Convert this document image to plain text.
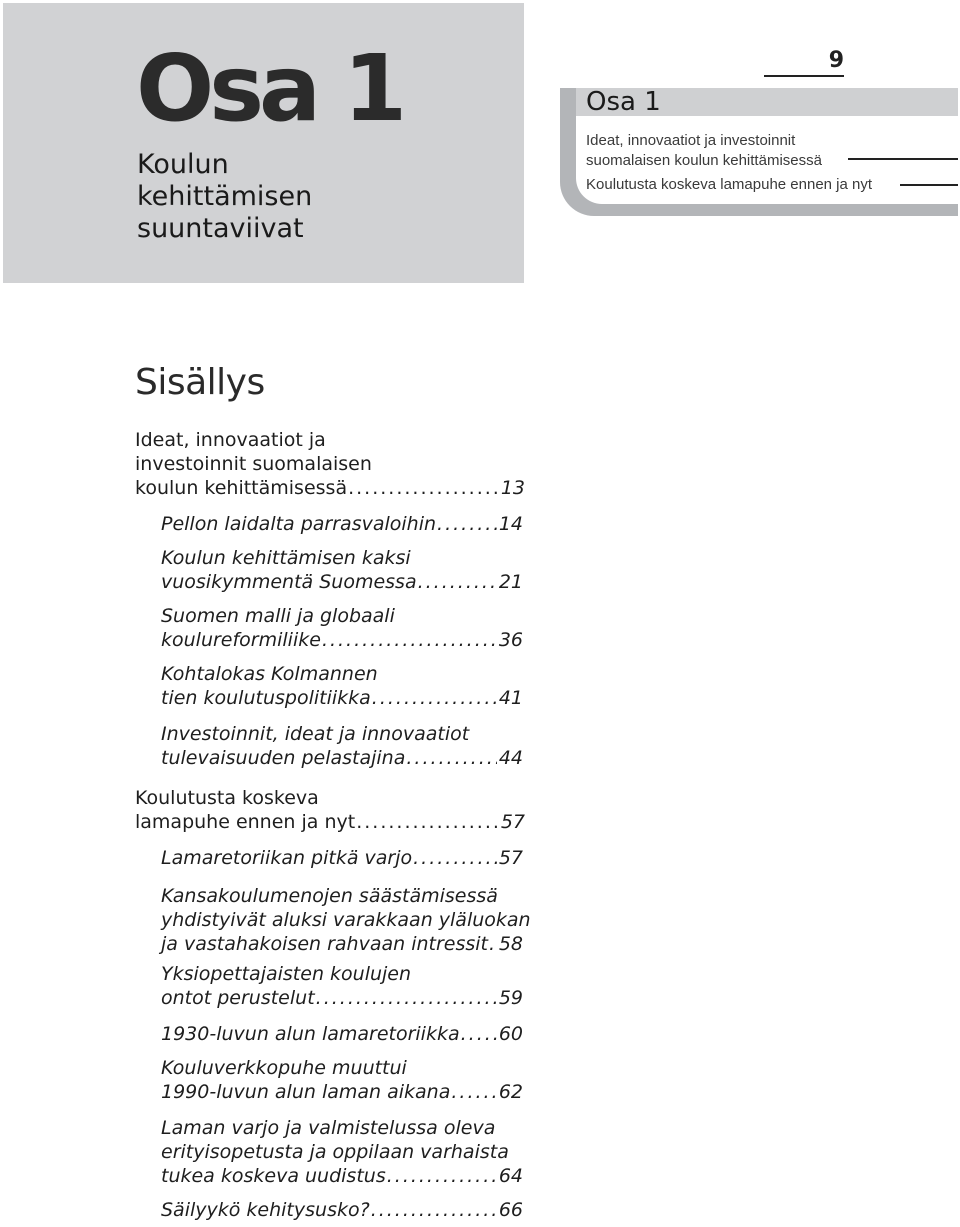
Osa 1
Koulun
kehittämisen
suuntaviivat
9
Osa 1
Ideat, innovaatiot ja investoinnit
suomalaisen koulun kehittämisessä
Koulutusta koskeva lamapuhe ennen ja nyt
Sisällys
Ideat, innovaatiot ja
investoinnit suomalaisen
koulun kehittämisessä .....	13
Pellon laidalta parrasvaloihin .....	14
Koulun kehittämisen kaksi
vuosikymmentä Suomessa .....	21
Suomen malli ja globaali
koulureformiliike .....	36
Kohtalokas Kolmannen
tien koulutuspolitiikka .....	41
Investoinnit, ideat ja innovaatiot
tulevaisuuden pelastajina .....	44
Koulutusta koskeva
lamapuhe ennen ja nyt .....	57
Lamaretoriikan pitkä varjo .....	57
Kansakoulumenojen säästämisessä
yhdistyivät aluksi varakkaan yläluokan
ja vastahakoisen rahvaan intressit ..... 58
Yksiopettajaisten koulujen
ontot perustelut .....	59
1930-luvun alun lamaretoriikka ..... 60
Kouluverkkopuhe muuttui
1990-luvun alun laman aikana .....	62
Laman varjo ja valmistelussa oleva
erityisopetusta ja oppilaan varhaista
tukea koskeva uudistus .....	64
Säilyykö kehitysusko? .....	66
